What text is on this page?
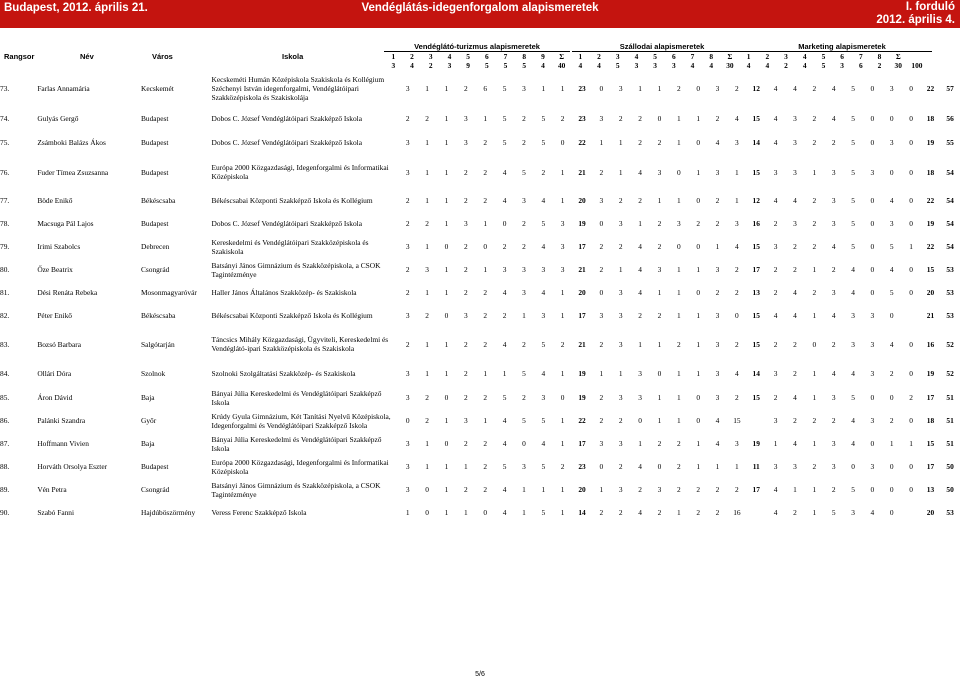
Budapest, 2012. április 21.	Vendéglátás-idegenforgalom alapismeretek	I. forduló
2012. április 4.
Rangsor	Név	Város	Iskola
Vendéglátó-turizmus alapismeretek	Szállodai alapismeretek	Marketing alapismeretek
1	2	3	4	5	6	7	8	9	Σ	1	2	3	4	5	6	7	8	Σ	1	2	3	4	5	6	7	8	Σ
3	4	2	3	9	5	5	5	4	40	4	4	5	3	3	3	4	4	30	4	4	2	4	5	3	6	2	30	100
73.	Farlas Annamária	Kecskemét	Kecskeméti Humán Középiskola Szakiskola és Kollégium Széchenyi István idegenforgalmi, Vendéglátóipari Szakközépiskola és Szakiskolája	3	1	1	2	6	5	3	1	1	23	0	3	1	1	2	0	3	2	12	4	4	2	4	5	0	3	0	22	57
74.	Gulyás Gergő	Budapest	Dobos C. József Vendéglátóipari Szakképző Iskola	2	2	1	3	1	5	2	5	2	23	3	2	2	0	1	1	2	4	15	4	3	2	4	5	0	0	0	18	56
75.	Zsámboki Balázs Ákos	Budapest	Dobos C. József Vendéglátóipari Szakképző Iskola	3	1	1	3	2	5	2	5	0	22	1	1	2	2	1	0	4	3	14	4	3	2	2	5	0	3	0	19	55
76.	Fuder Tímea Zsuzsanna	Budapest	Európa 2000 Közgazdasági, Idegenforgalmi és Informatikai Középiskola	3	1	1	2	2	4	5	2	1	21	2	1	4	3	0	1	3	1	15	3	3	1	3	5	3	0	0	18	54
77.	Böde Enikő	Békéscsaba	Békéscsabai Központi Szakképző Iskola és Kollégium	2	1	1	2	2	4	3	4	1	20	3	2	2	1	1	0	2	1	12	4	4	2	3	5	0	4	0	22	54
78.	Macsuga Pál Lajos	Budapest	Dobos C. József Vendéglátóipari Szakképző Iskola	2	2	1	3	1	0	2	5	3	19	0	3	1	2	3	2	2	3	16	2	3	2	3	5	0	3	0	19	54
79.	Irimi Szabolcs	Debrecen	Kereskedelmi és Vendéglátóipari Szakközépiskola és Szakiskola	3	1	0	2	0	2	2	4	3	17	2	2	4	2	0	0	1	4	15	3	2	2	4	5	0	5	1	22	54
80.	Őze Beatrix	Csongrád	Batsányi János Gimnázium és Szakközépiskola, a CSOK Tagintézménye	2	3	1	2	1	3	3	3	3	21	2	1	4	3	1	1	3	2	17	2	2	1	2	4	0	4	0	15	53
81.	Dési Renáta Rebeka	Mosonmagyaróvár	Haller János Általános Szakközép- és Szakiskola	2	1	1	2	2	4	3	4	1	20	0	3	4	1	1	0	2	2	13	2	4	2	3	4	0	5	0	20	53
82.	Péter Enikő	Békéscsaba	Békéscsabai Központi Szakképző Iskola és Kollégium	3	2	0	3	2	2	1	3	1	17	3	3	2	2	1	1	3	0	15	4	4	1	4	3	3	0		21	53
83.	Bozsó Barbara	Salgótarján	Táncsics Mihály Közgazdasági, Ügyviteli, Kereskedelmi és Vendéglátó-ipari Szakközépiskola és Szakiskola	2	1	1	2	2	4	2	5	2	21	2	3	1	1	2	1	3	2	15	2	2	0	2	3	3	4	0	16	52
84.	Ollári Dóra	Szolnok	Szolnoki Szolgáltatási Szakközép- és Szakiskola	3	1	1	2	1	1	5	4	1	19	1	1	3	0	1	1	3	4	14	3	2	1	4	4	3	2	0	19	52
85.	Áron Dávid	Baja	Bányai Júlia Kereskedelmi és Vendéglátóipari Szakképző Iskola	3	2	0	2	2	5	2	3	0	19	2	3	3	1	1	0	3	2	15	2	4	1	3	5	0	0	2	17	51
86.	Palánki Szandra	Győr	Krúdy Gyula Gimnázium, Két Tanítási Nyelvű Középiskola, Idegenforgalmi és Vendéglátóipari Szakképző Iskola	0	2	1	3	1	4	5	5	1	22	2	2	0	1	1	0	4	15		3	2	2	2	4	3	2	0	18	51
87.	Hoffmann Vivien	Baja	Bányai Júlia Kereskedelmi és Vendéglátóipari Szakképző Iskola	3	1	0	2	2	4	0	4	1	17	3	3	1	2	2	1	4	3	19	1	4	1	3	4	0	1	1	15	51
88.	Horváth Orsolya Eszter	Budapest	Európa 2000 Közgazdasági, Idegenforgalmi és Informatikai Középiskola	3	1	1	1	2	5	3	5	2	23	0	2	4	0	2	1	1	1	11	3	3	2	3	0	3	0	0	17	50
89.	Vén Petra	Csongrád	Batsányi János Gimnázium és Szakközépiskola, a CSOK Tagintézménye	3	0	1	2	2	4	1	1	1	20	1	3	2	3	2	2	2	2	17	4	1	1	2	5	0	0	0	13	50
90.	Szabó Fanni	Hajdúböszörmény	Veress Ferenc Szakképző Iskola	1	0	1	1	0	4	1	5	1	14	2	2	4	2	1	2	2	16		4	2	1	5	3	4	0		20	53
5/6
